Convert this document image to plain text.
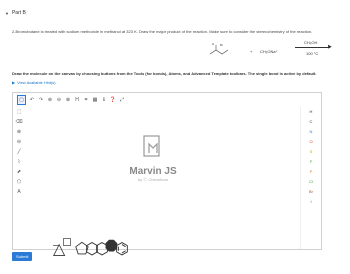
▼ Part B
2-Bromobutane is treated with sodium methoxide in methanol at 323 K. Draw the major product of the reaction. Make sure to consider the stereochemistry of the reaction.
H Br
+ CH₃ONa⁺
CH₃OH
▶
100 °C
Draw the molecule on the canvas by choosing buttons from the Tools (for bonds), Atoms, and Advanced Template toolbars. The single bond is active by default.
▶ View Available Hint(s)
▢	↶ ↷ ⊕ ⊖ ⊗ H	⌗	▦	ℹ ❓ ⤢
⬚
⌫
⊕
⊖
╱
⌇
⬈
⬠
A
H
C
N
O
S
F
P
Cl
Br
I
Marvin JS
by Ⓒ ChemAxon
△ ⬠
⬡
⬡
⯃
⌬
Submit
